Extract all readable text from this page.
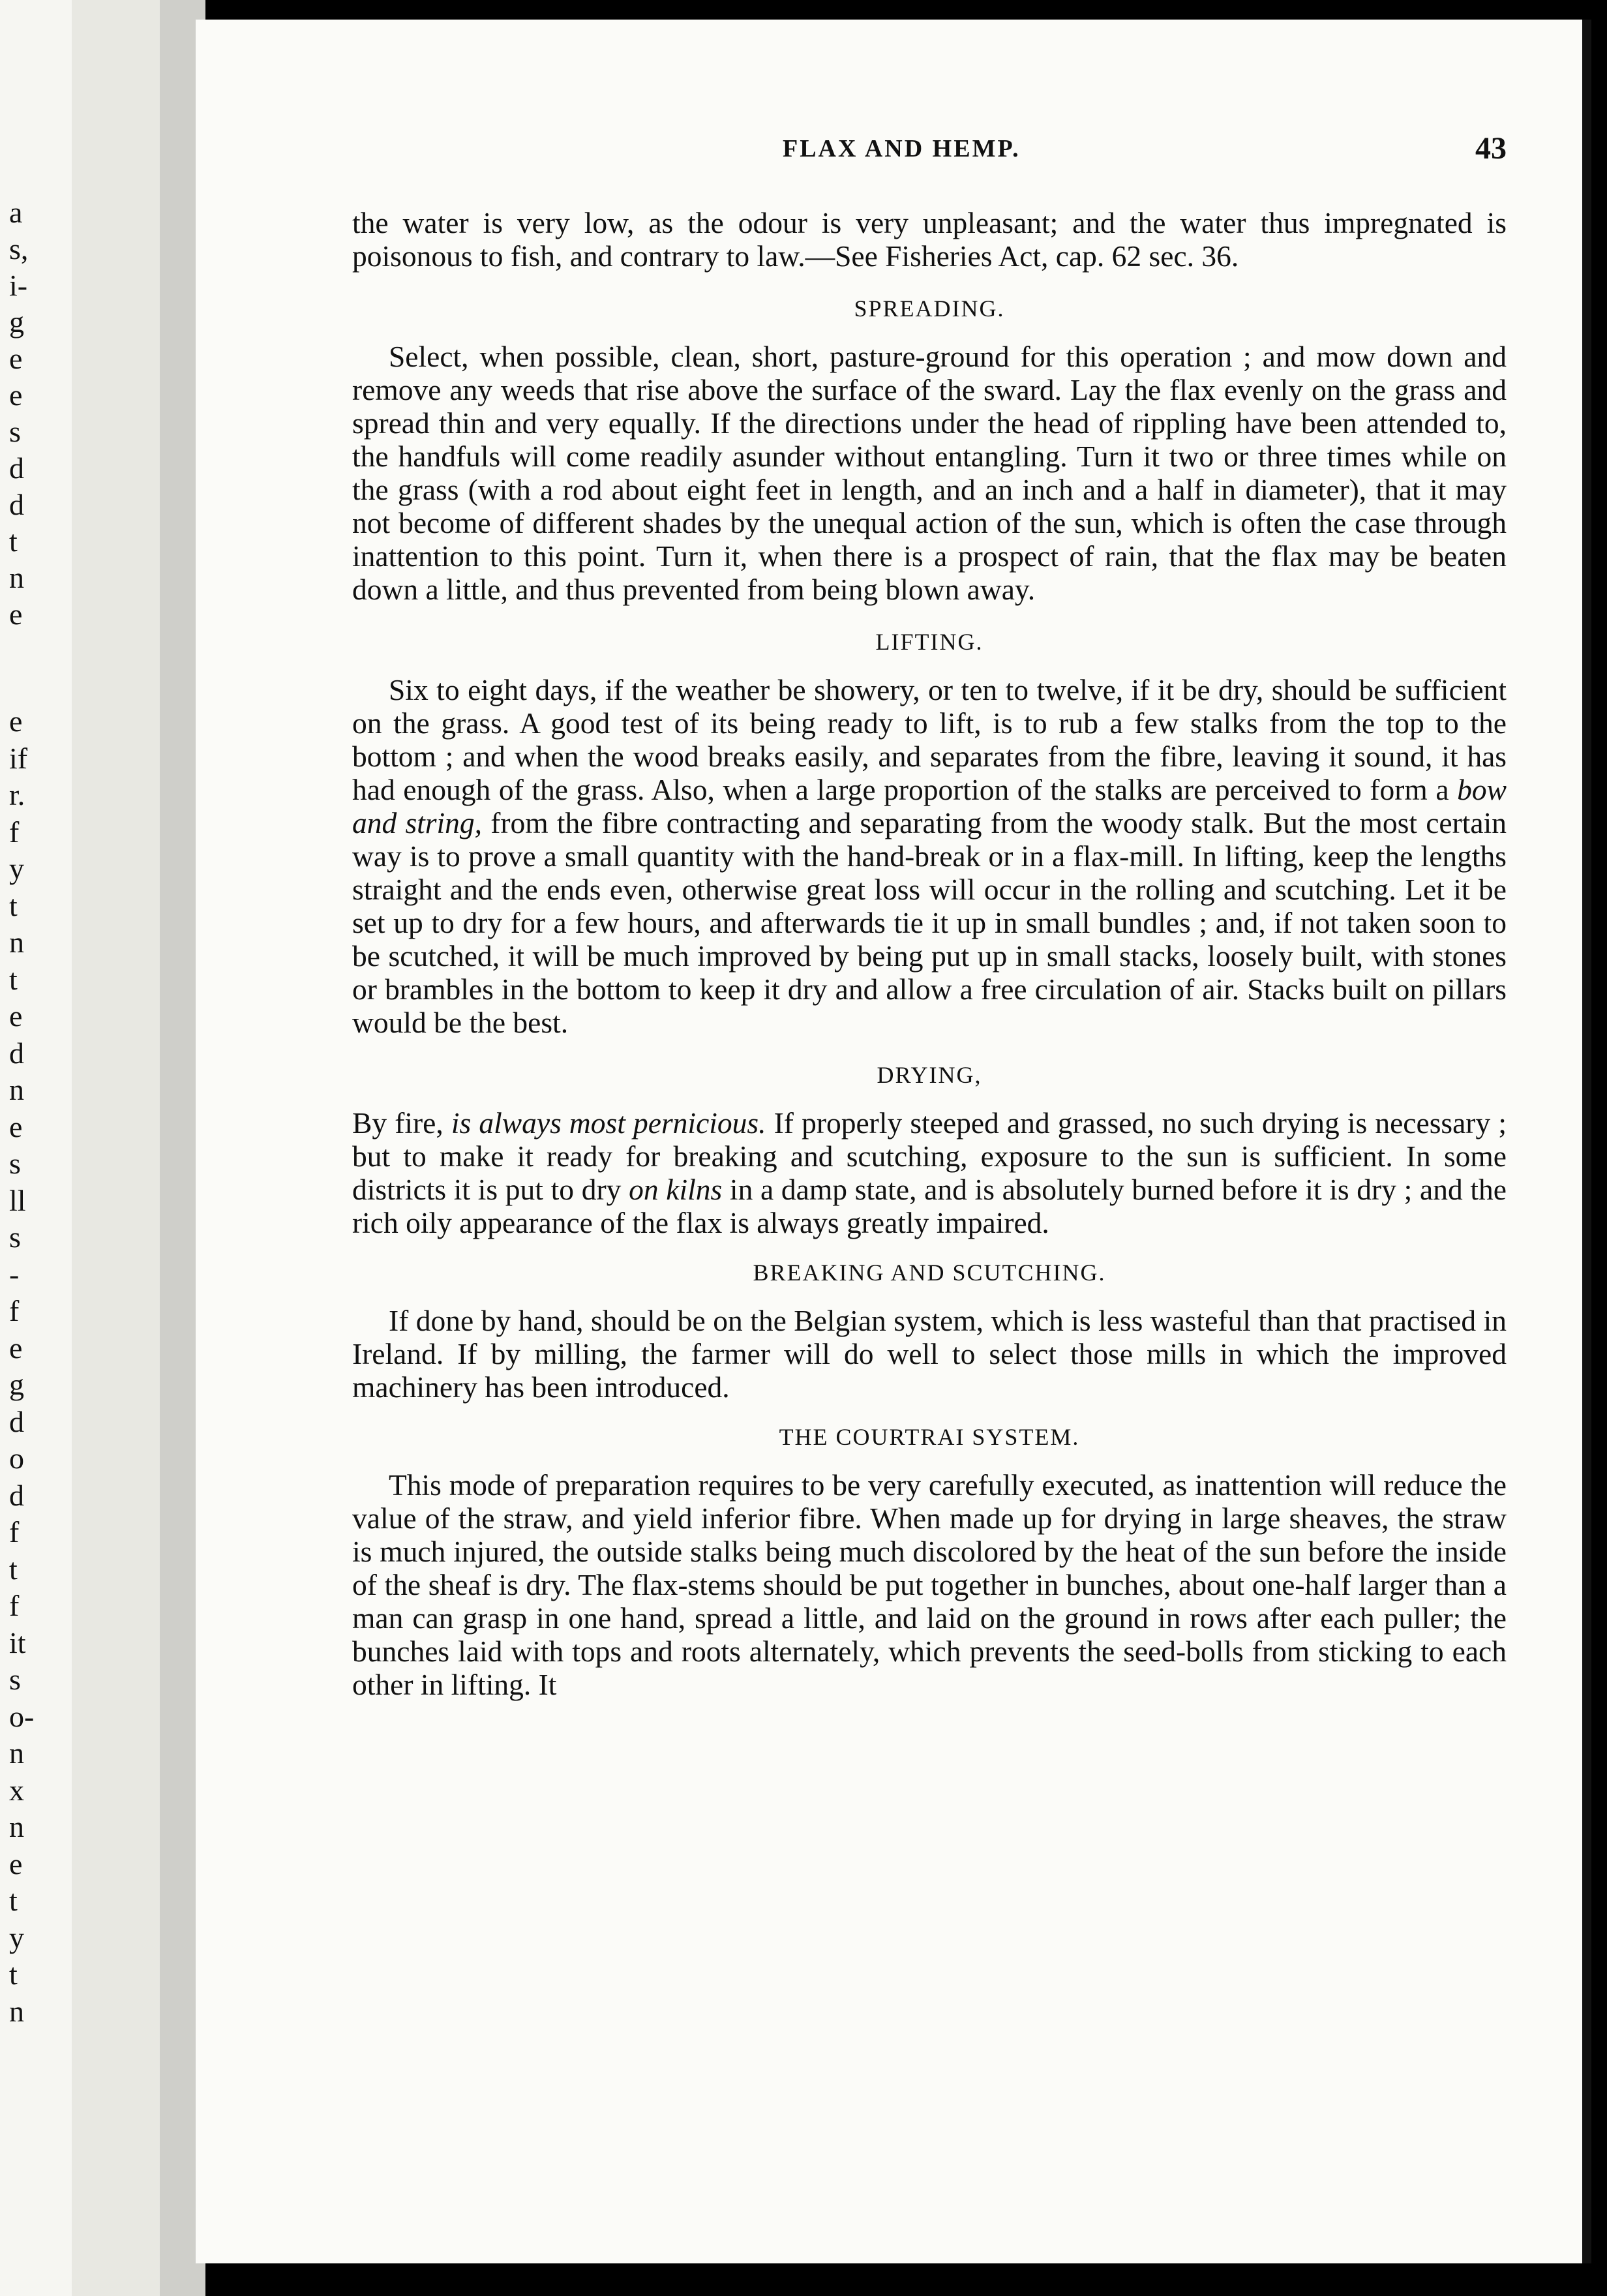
a
s,
i-
g
e
e
s
d
d
t
n
e
e
if
r.
f
y
t
n
t
e
d
n
e
s
ll
s
-
f
e
g
d
o
d
f
t
f
it
s
o-
n
x
n
e
t
y
t
n
FLAX AND HEMP.	43

the water is very low, as the odour is very unpleasant; and the water thus impregnated is poisonous to fish, and contrary to law.—See Fisheries Act, cap. 62 sec. 36.

SPREADING.

Select, when possible, clean, short, pasture-ground for this operation ; and mow down and remove any weeds that rise above the surface of the sward. Lay the flax evenly on the grass and spread thin and very equally. If the directions under the head of rippling have been attended to, the handfuls will come readily asunder without entangling. Turn it two or three times while on the grass (with a rod about eight feet in length, and an inch and a half in diameter), that it may not become of different shades by the unequal action of the sun, which is often the case through inattention to this point. Turn it, when there is a prospect of rain, that the flax may be beaten down a little, and thus prevented from being blown away.

LIFTING.

Six to eight days, if the weather be showery, or ten to twelve, if it be dry, should be sufficient on the grass. A good test of its being ready to lift, is to rub a few stalks from the top to the bottom ; and when the wood breaks easily, and separates from the fibre, leaving it sound, it has had enough of the grass. Also, when a large proportion of the stalks are perceived to form a bow and string, from the fibre contracting and separating from the woody stalk. But the most certain way is to prove a small quantity with the hand-break or in a flax-mill. In lifting, keep the lengths straight and the ends even, otherwise great loss will occur in the rolling and scutching. Let it be set up to dry for a few hours, and afterwards tie it up in small bundles ; and, if not taken soon to be scutched, it will be much improved by being put up in small stacks, loosely built, with stones or brambles in the bottom to keep it dry and allow a free circulation of air. Stacks built on pillars would be the best.

DRYING,

By fire, is always most pernicious. If properly steeped and grassed, no such drying is necessary ; but to make it ready for breaking and scutching, exposure to the sun is sufficient. In some districts it is put to dry on kilns in a damp state, and is absolutely burned before it is dry ; and the rich oily appearance of the flax is always greatly impaired.

BREAKING AND SCUTCHING.

If done by hand, should be on the Belgian system, which is less wasteful than that practised in Ireland. If by milling, the farmer will do well to select those mills in which the improved machinery has been introduced.

THE COURTRAI SYSTEM.

This mode of preparation requires to be very carefully executed, as inattention will reduce the value of the straw, and yield inferior fibre. When made up for drying in large sheaves, the straw is much injured, the outside stalks being much discolored by the heat of the sun before the inside of the sheaf is dry. The flax-stems should be put together in bunches, about one-half larger than a man can grasp in one hand, spread a little, and laid on the ground in rows after each puller; the bunches laid with tops and roots alternately, which prevents the seed-bolls from sticking to each other in lifting. It
